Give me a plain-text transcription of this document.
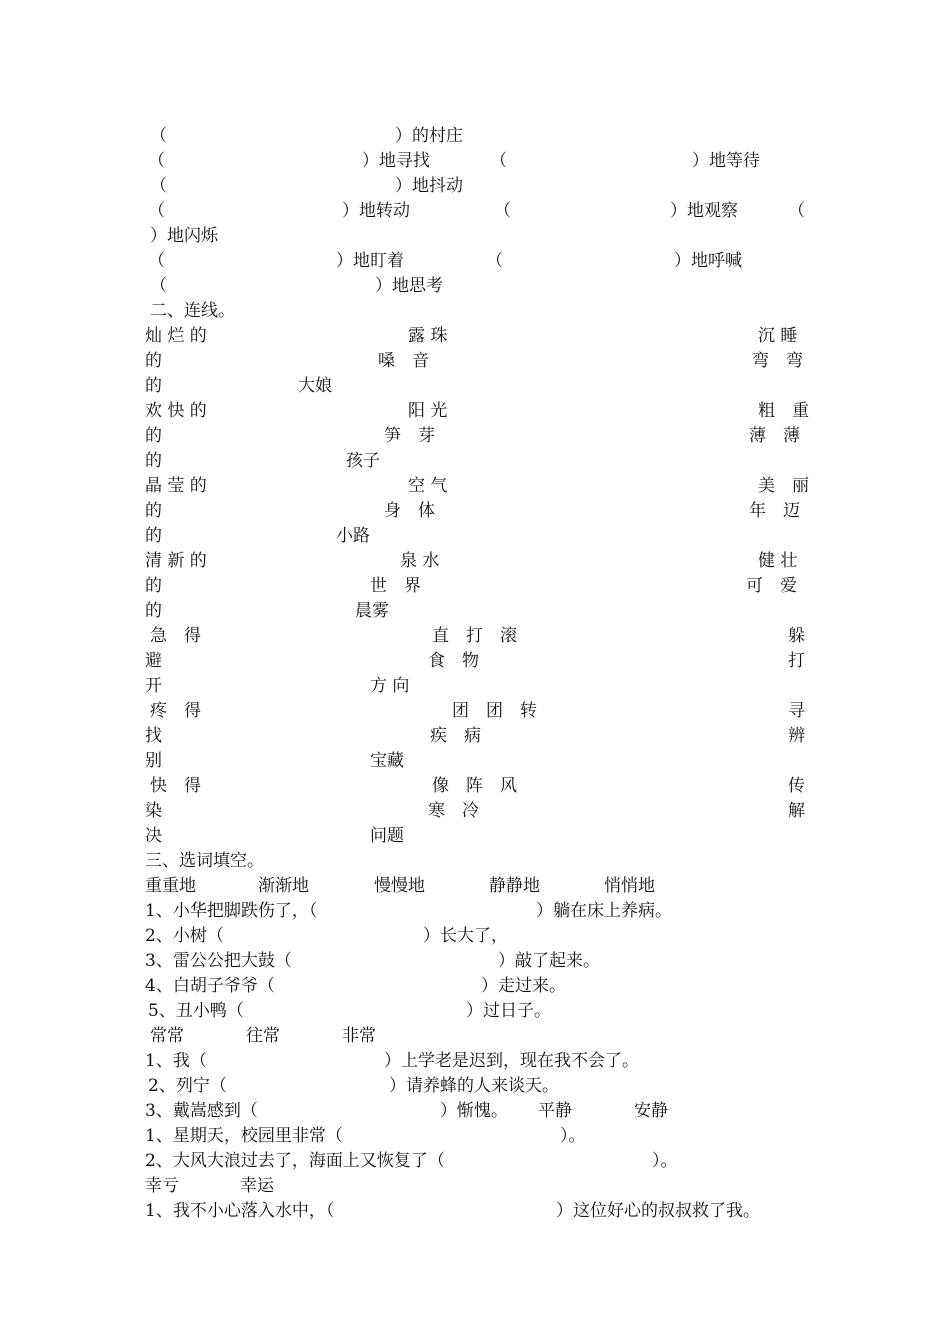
（	）的村庄
（	）地寻找	（	）地等待
（	）地抖动
（	）地转动	（	）地观察	（
）地闪烁
（	）地盯着	（	）地呼喊
（	）地思考
二、连线。
灿 烂 的	露 珠	沉 睡
的	嗓　音	弯　弯
的	大娘
欢 快 的	阳 光	粗　重
的	笋　芽	薄　薄
的	孩子
晶 莹 的	空 气	美　丽
的	身　体	年　迈
的	小路
清 新 的	泉 水	健 壮
的	世　界	可　爱
的	晨雾
急　得	直　打　滚	躲
避	食　物	打
开	方 向
疼　得	团　团　转	寻
找	疾　病	辨
别	宝藏
快　得	像　阵　风	传
染	寒　冷	解
决	问题
三、选词填空。
重重地	渐渐地	慢慢地	静静地	悄悄地
1、小华把脚跌伤了，（	）躺在床上养病。
2、小树（	）长大了，
3、雷公公把大鼓（	）敲了起来。
4、白胡子爷爷（	）走过来。
5、丑小鸭（	）过日子。
常常	往常	非常
1、我（	）上学老是迟到，现在我不会了。
2、列宁（	）请养蜂的人来谈天。
3、戴嵩感到（	）惭愧。 平静	安静
1、星期天，校园里非常（	）。
2、大风大浪过去了，海面上又恢复了（	）。
幸亏	幸运
1、我不小心落入水中，（	）这位好心的叔叔救了我。
